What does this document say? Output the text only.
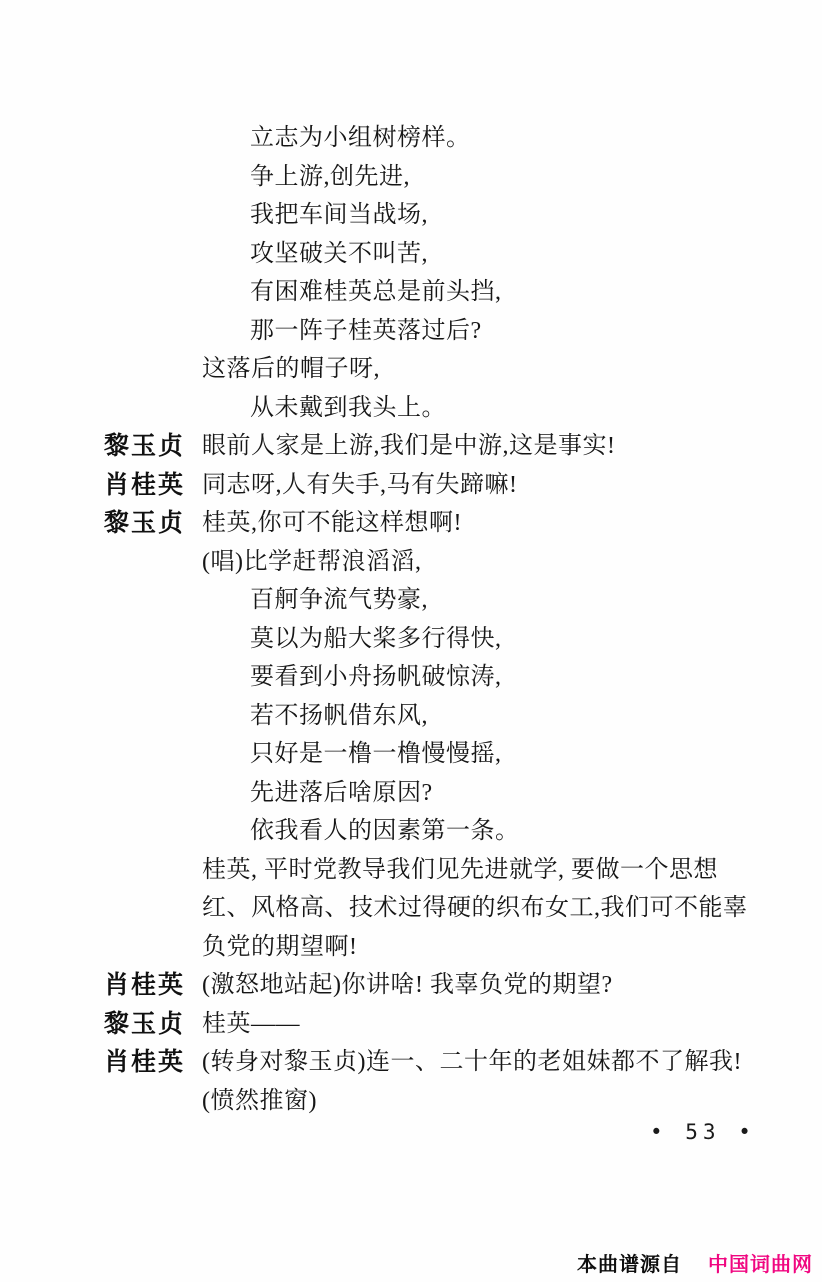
立志为小组树榜样。
争上游,创先进,
我把车间当战场,
攻坚破关不叫苦,
有困难桂英总是前头挡,
那一阵子桂英落过后?
这落后的帽子呀,
从未戴到我头上。
黎玉贞 眼前人家是上游,我们是中游,这是事实!
肖桂英 同志呀,人有失手,马有失蹄嘛!
黎玉贞 桂英,你可不能这样想啊!
(唱)比学赶帮浪滔滔,
百舸争流气势豪,
莫以为船大桨多行得快,
要看到小舟扬帆破惊涛,
若不扬帆借东风,
只好是一橹一橹慢慢摇,
先进落后啥原因?
依我看人的因素第一条。
桂英, 平时党教导我们见先进就学, 要做一个思想
红、风格高、技术过得硬的织布女工,我们可不能辜
负党的期望啊!
肖桂英 (激怒地站起)你讲啥! 我辜负党的期望?
黎玉贞 桂英——
肖桂英 (转身对黎玉贞)连一、二十年的老姐妹都不了解我!
(愤然推窗)
• 53 •
本曲谱源自 中国词曲网
